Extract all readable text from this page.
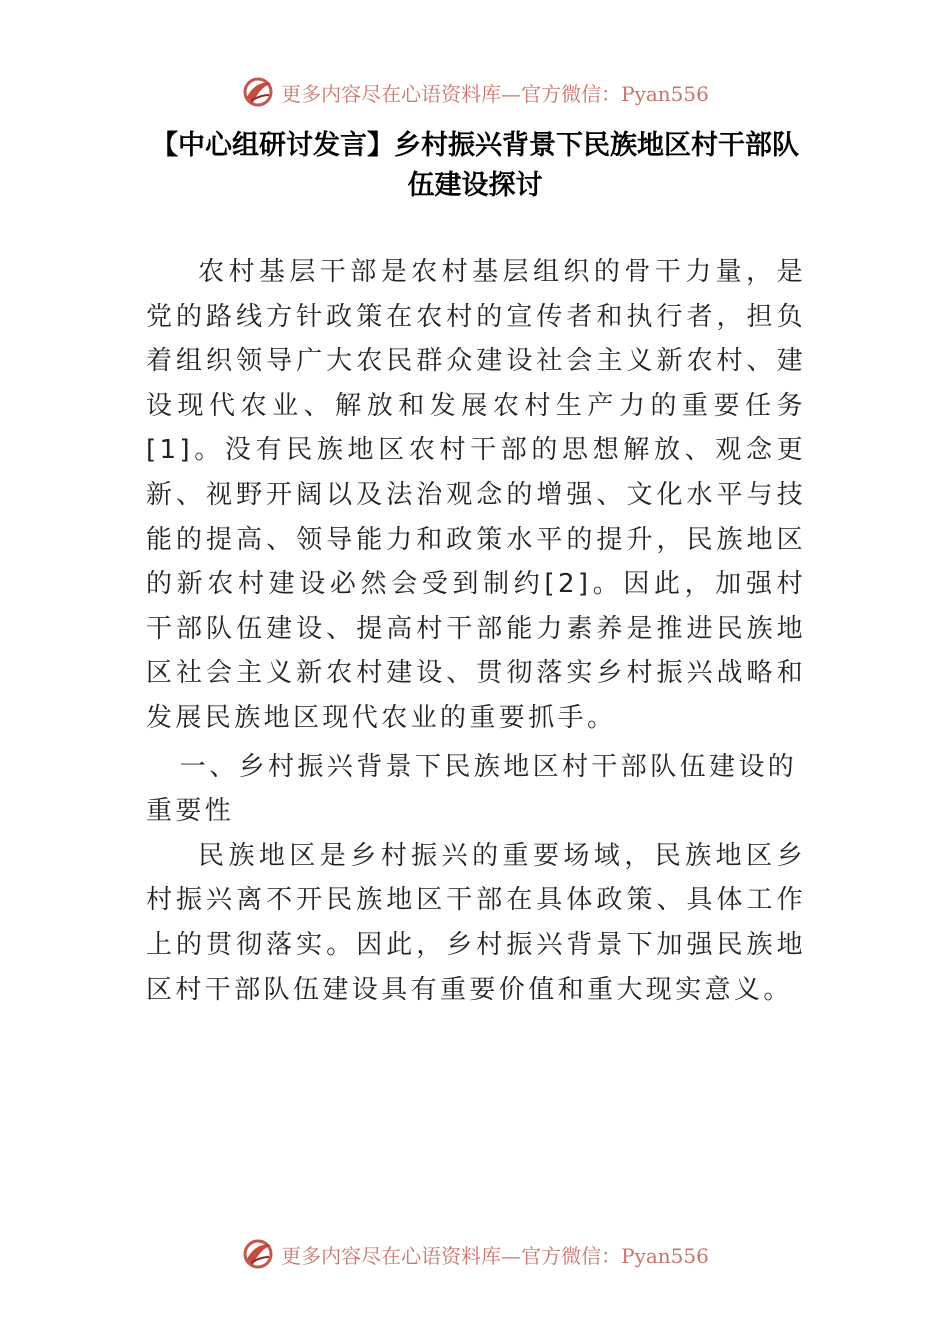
更多内容尽在心语资料库—官方微信：Pyan556
【中心组研讨发言】乡村振兴背景下民族地区村干部队伍建设探讨

农村基层干部是农村基层组织的骨干力量，是党的路线方针政策在农村的宣传者和执行者，担负着组织领导广大农民群众建设社会主义新农村、建设现代农业、解放和发展农村生产力的重要任务[1]。没有民族地区农村干部的思想解放、观念更新、视野开阔以及法治观念的增强、文化水平与技能的提高、领导能力和政策水平的提升，民族地区的新农村建设必然会受到制约[2]。因此，加强村干部队伍建设、提高村干部能力素养是推进民族地区社会主义新农村建设、贯彻落实乡村振兴战略和发展民族地区现代农业的重要抓手。

一、乡村振兴背景下民族地区村干部队伍建设的重要性

民族地区是乡村振兴的重要场域，民族地区乡村振兴离不开民族地区干部在具体政策、具体工作上的贯彻落实。因此，乡村振兴背景下加强民族地区村干部队伍建设具有重要价值和重大现实意义。

更多内容尽在心语资料库—官方微信：Pyan556
